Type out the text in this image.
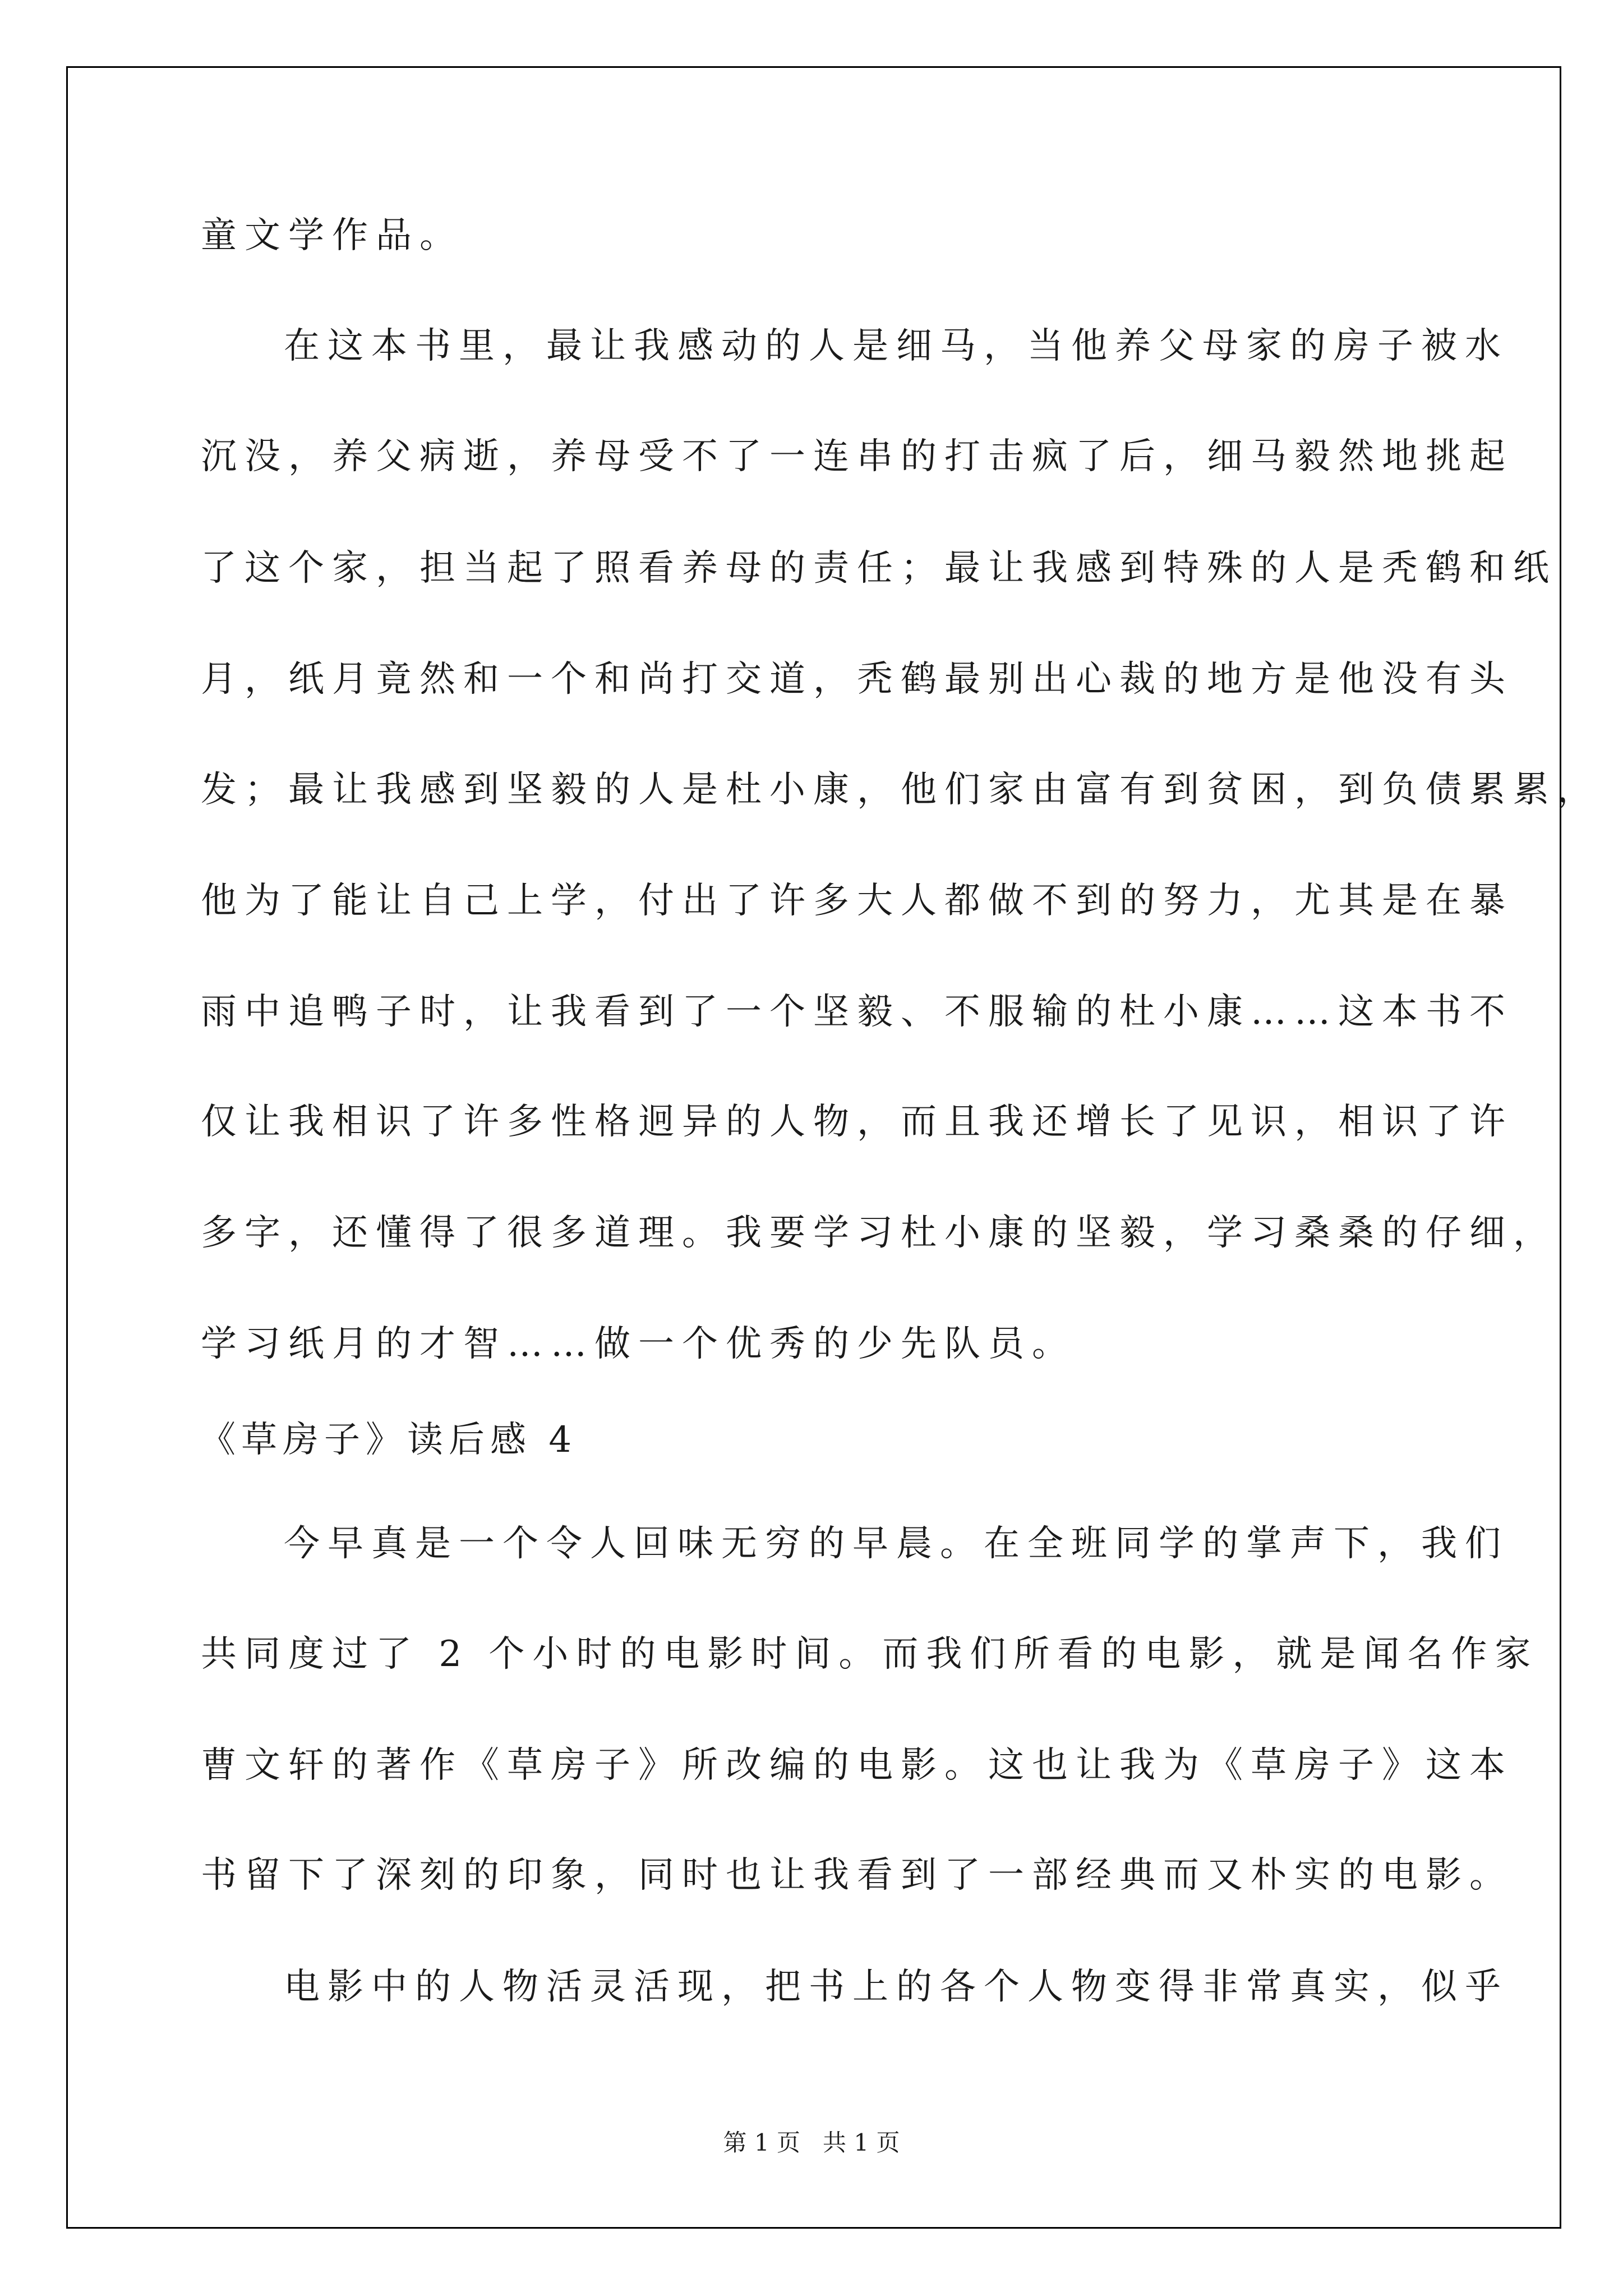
童文学作品。
在这本书里，最让我感动的人是细马，当他养父母家的房子被水
沉没，养父病逝，养母受不了一连串的打击疯了后，细马毅然地挑起
了这个家，担当起了照看养母的责任；最让我感到特殊的人是秃鹤和纸
月，纸月竟然和一个和尚打交道，秃鹤最别出心裁的地方是他没有头
发；最让我感到坚毅的人是杜小康，他们家由富有到贫困，到负债累累，
他为了能让自己上学，付出了许多大人都做不到的努力，尤其是在暴
雨中追鸭子时，让我看到了一个坚毅、不服输的杜小康……这本书不
仅让我相识了许多性格迥异的人物，而且我还增长了见识，相识了许
多字，还懂得了很多道理。我要学习杜小康的坚毅，学习桑桑的仔细，
学习纸月的才智……做一个优秀的少先队员。
《草房子》读后感 4
今早真是一个令人回味无穷的早晨。在全班同学的掌声下，我们
共同度过了 2 个小时的电影时间。而我们所看的电影，就是闻名作家
曹文轩的著作《草房子》所改编的电影。这也让我为《草房子》这本
书留下了深刻的印象，同时也让我看到了一部经典而又朴实的电影。
电影中的人物活灵活现，把书上的各个人物变得非常真实，似乎
第 1 页   共 1 页
